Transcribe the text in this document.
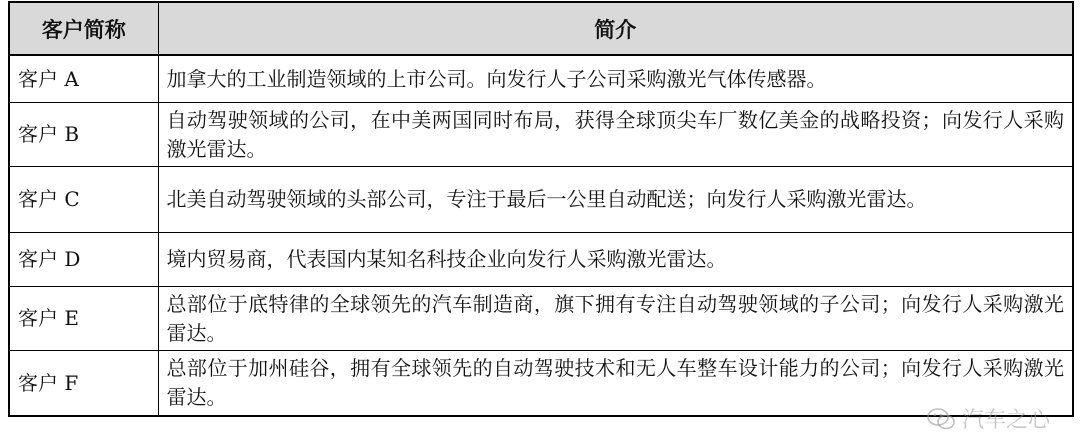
客户简称	简介
客户 A	加拿大的工业制造领域的上市公司。向发行人子公司采购激光气体传感器。
客户 B	自动驾驶领域的公司，在中美两国同时布局，获得全球顶尖车厂数亿美金的战略投资；向发行人采购激光雷达。
客户 C	北美自动驾驶领域的头部公司，专注于最后一公里自动配送；向发行人采购激光雷达。
客户 D	境内贸易商，代表国内某知名科技企业向发行人采购激光雷达。
客户 E	总部位于底特律的全球领先的汽车制造商，旗下拥有专注自动驾驶领域的子公司；向发行人采购激光雷达。
客户 F	总部位于加州硅谷，拥有全球领先的自动驾驶技术和无人车整车设计能力的公司；向发行人采购激光雷达。
汽车之心
